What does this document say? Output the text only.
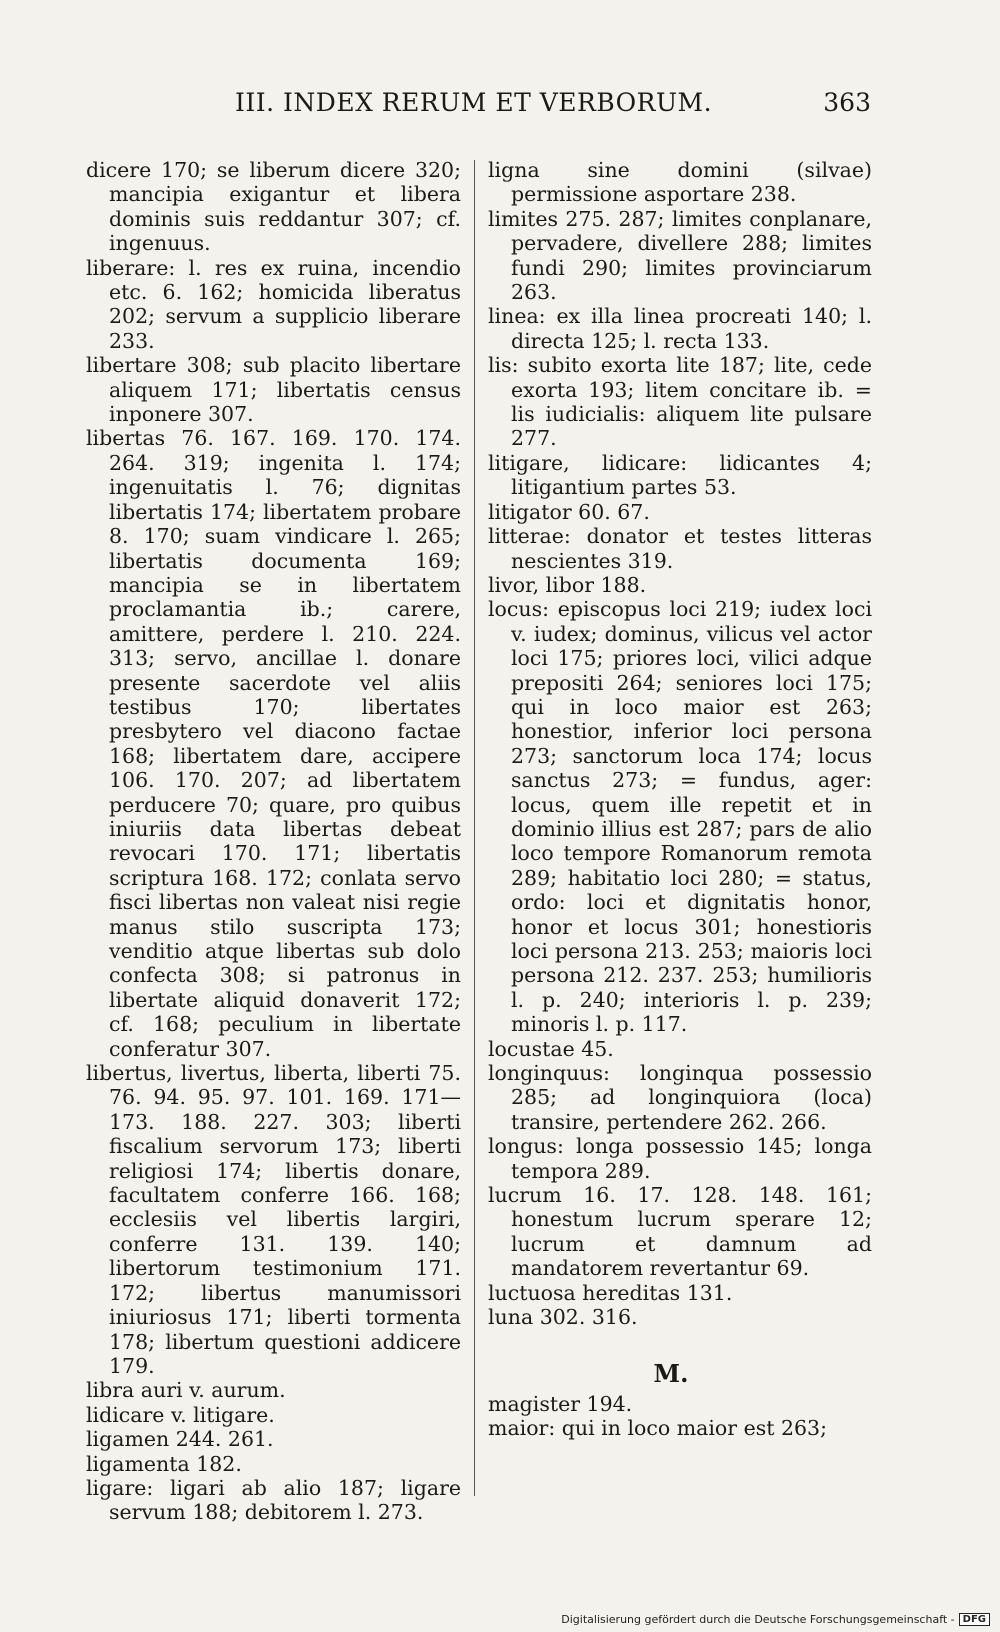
III. INDEX RERUM ET VERBORUM.	363

dicere 170; se liberum dicere 320; mancipia exigantur et libera dominis suis reddantur 307; cf. ingenuus.

liberare: l. res ex ruina, incendio etc. 6. 162; homicida liberatus 202; servum a supplicio liberare 233.

libertare 308; sub placito libertare aliquem 171; libertatis census inponere 307.

libertas 76. 167. 169. 170. 174. 264. 319; ingenita l. 174; ingenuitatis l. 76; dignitas libertatis 174; libertatem probare 8. 170; suam vindicare l. 265; libertatis documenta 169; mancipia se in libertatem proclamantia ib.; carere, amittere, perdere l. 210. 224. 313; servo, ancillae l. donare presente sacerdote vel aliis testibus 170; libertates presbytero vel diacono factae 168; libertatem dare, accipere 106. 170. 207; ad libertatem perducere 70; quare, pro quibus iniuriis data libertas debeat revocari 170. 171; libertatis scriptura 168. 172; conlata servo fisci libertas non valeat nisi regie manus stilo suscripta 173; venditio atque libertas sub dolo confecta 308; si patronus in libertate aliquid donaverit 172; cf. 168; peculium in libertate conferatur 307.

libertus, livertus, liberta, liberti 75. 76. 94. 95. 97. 101. 169. 171— 173. 188. 227. 303; liberti fiscalium servorum 173; liberti religiosi 174; libertis donare, facultatem conferre 166. 168; ecclesiis vel libertis largiri, conferre 131. 139. 140; libertorum testimonium 171. 172; libertus manumissori iniuriosus 171; liberti tormenta 178; libertum questioni addicere 179.

libra auri v. aurum.

lidicare v. litigare.

ligamen 244. 261.

ligamenta 182.

ligare: ligari ab alio 187; ligare servum 188; debitorem l. 273.

ligna sine domini (silvae) permissione asportare 238.

limites 275. 287; limites conplanare, pervadere, divellere 288; limites fundi 290; limites provinciarum 263.

linea: ex illa linea procreati 140; l. directa 125; l. recta 133.

lis: subito exorta lite 187; lite, cede exorta 193; litem concitare ib. = lis iudicialis: aliquem lite pulsare 277.

litigare, lidicare: lidicantes 4; litigantium partes 53.

litigator 60. 67.

litterae: donator et testes litteras nescientes 319.

livor, libor 188.

locus: episcopus loci 219; iudex loci v. iudex; dominus, vilicus vel actor loci 175; priores loci, vilici adque prepositi 264; seniores loci 175; qui in loco maior est 263; honestior, inferior loci persona 273; sanctorum loca 174; locus sanctus 273; = fundus, ager: locus, quem ille repetit et in dominio illius est 287; pars de alio loco tempore Romanorum remota 289; habitatio loci 280; = status, ordo: loci et dignitatis honor, honor et locus 301; honestioris loci persona 213. 253; maioris loci persona 212. 237. 253; humilioris l. p. 240; interioris l. p. 239; minoris l. p. 117.

locustae 45.

longinquus: longinqua possessio 285; ad longinquiora (loca) transire, pertendere 262. 266.

longus: longa possessio 145; longa tempora 289.

lucrum 16. 17. 128. 148. 161; honestum lucrum sperare 12; lucrum et damnum ad mandatorem revertantur 69.

luctuosa hereditas 131.

luna 302. 316.

M.

magister 194.

maior: qui in loco maior est 263;

Digitalisierung gefördert durch die Deutsche Forschungsgemeinschaft - DFG
